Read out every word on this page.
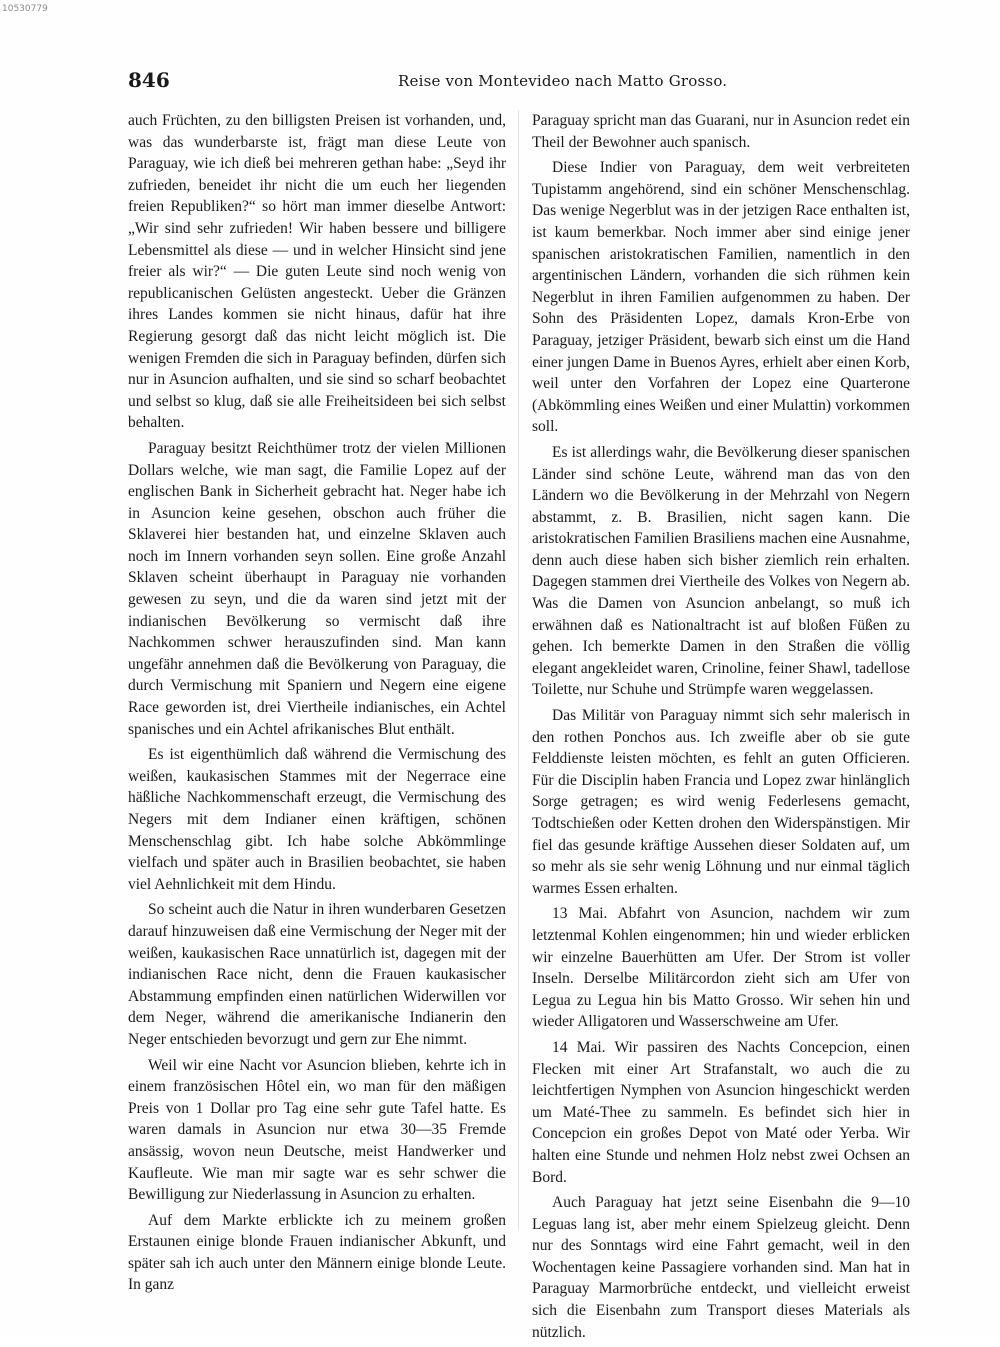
10530779
846	Reise von Montevideo nach Matto Grosso.

auch Früchten, zu den billigsten Preisen ist vorhanden, und, was das wunderbarste ist, frägt man diese Leute von Paraguay, wie ich dieß bei mehreren gethan habe: „Seyd ihr zufrieden, beneidet ihr nicht die um euch her liegenden freien Republiken?“ so hört man immer dieselbe Antwort: „Wir sind sehr zufrieden! Wir haben bessere und billigere Lebensmittel als diese — und in welcher Hinsicht sind jene freier als wir?“ — Die guten Leute sind noch wenig von republicanischen Gelüsten angesteckt. Ueber die Gränzen ihres Landes kommen sie nicht hinaus, dafür hat ihre Regierung gesorgt daß das nicht leicht möglich ist. Die wenigen Fremden die sich in Paraguay befinden, dürfen sich nur in Asuncion aufhalten, und sie sind so scharf beobachtet und selbst so klug, daß sie alle Freiheitsideen bei sich selbst behalten.

Paraguay besitzt Reichthümer trotz der vielen Millionen Dollars welche, wie man sagt, die Familie Lopez auf der englischen Bank in Sicherheit gebracht hat. Neger habe ich in Asuncion keine gesehen, obschon auch früher die Sklaverei hier bestanden hat, und einzelne Sklaven auch noch im Innern vorhanden seyn sollen. Eine große Anzahl Sklaven scheint überhaupt in Paraguay nie vorhanden gewesen zu seyn, und die da waren sind jetzt mit der indianischen Bevölkerung so vermischt daß ihre Nachkommen schwer herauszufinden sind. Man kann ungefähr annehmen daß die Bevölkerung von Paraguay, die durch Vermischung mit Spaniern und Negern eine eigene Race geworden ist, drei Viertheile indianisches, ein Achtel spanisches und ein Achtel afrikanisches Blut enthält.

Es ist eigenthümlich daß während die Vermischung des weißen, kaukasischen Stammes mit der Negerrace eine häßliche Nachkommenschaft erzeugt, die Vermischung des Negers mit dem Indianer einen kräftigen, schönen Menschenschlag gibt. Ich habe solche Abkömmlinge vielfach und später auch in Brasilien beobachtet, sie haben viel Aehnlichkeit mit dem Hindu.

So scheint auch die Natur in ihren wunderbaren Gesetzen darauf hinzuweisen daß eine Vermischung der Neger mit der weißen, kaukasischen Race unnatürlich ist, dagegen mit der indianischen Race nicht, denn die Frauen kaukasischer Abstammung empfinden einen natürlichen Widerwillen vor dem Neger, während die amerikanische Indianerin den Neger entschieden bevorzugt und gern zur Ehe nimmt.

Weil wir eine Nacht vor Asuncion blieben, kehrte ich in einem französischen Hôtel ein, wo man für den mäßigen Preis von 1 Dollar pro Tag eine sehr gute Tafel hatte. Es waren damals in Asuncion nur etwa 30—35 Fremde ansässig, wovon neun Deutsche, meist Handwerker und Kaufleute. Wie man mir sagte war es sehr schwer die Bewilligung zur Niederlassung in Asuncion zu erhalten.

Auf dem Markte erblickte ich zu meinem großen Erstaunen einige blonde Frauen indianischer Abkunft, und später sah ich auch unter den Männern einige blonde Leute. In ganz

Paraguay spricht man das Guarani, nur in Asuncion redet ein Theil der Bewohner auch spanisch.

Diese Indier von Paraguay, dem weit verbreiteten Tupistamm angehörend, sind ein schöner Menschenschlag. Das wenige Negerblut was in der jetzigen Race enthalten ist, ist kaum bemerkbar. Noch immer aber sind einige jener spanischen aristokratischen Familien, namentlich in den argentinischen Ländern, vorhanden die sich rühmen kein Negerblut in ihren Familien aufgenommen zu haben. Der Sohn des Präsidenten Lopez, damals Kron-Erbe von Paraguay, jetziger Präsident, bewarb sich einst um die Hand einer jungen Dame in Buenos Ayres, erhielt aber einen Korb, weil unter den Vorfahren der Lopez eine Quarterone (Abkömmling eines Weißen und einer Mulattin) vorkommen soll.

Es ist allerdings wahr, die Bevölkerung dieser spanischen Länder sind schöne Leute, während man das von den Ländern wo die Bevölkerung in der Mehrzahl von Negern abstammt, z. B. Brasilien, nicht sagen kann. Die aristokratischen Familien Brasiliens machen eine Ausnahme, denn auch diese haben sich bisher ziemlich rein erhalten. Dagegen stammen drei Viertheile des Volkes von Negern ab. Was die Damen von Asuncion anbelangt, so muß ich erwähnen daß es Nationaltracht ist auf bloßen Füßen zu gehen. Ich bemerkte Damen in den Straßen die völlig elegant angekleidet waren, Crinoline, feiner Shawl, tadellose Toilette, nur Schuhe und Strümpfe waren weggelassen.

Das Militär von Paraguay nimmt sich sehr malerisch in den rothen Ponchos aus. Ich zweifle aber ob sie gute Felddienste leisten möchten, es fehlt an guten Officieren. Für die Disciplin haben Francia und Lopez zwar hinlänglich Sorge getragen; es wird wenig Federlesens gemacht, Todtschießen oder Ketten drohen den Widerspänstigen. Mir fiel das gesunde kräftige Aussehen dieser Soldaten auf, um so mehr als sie sehr wenig Löhnung und nur einmal täglich warmes Essen erhalten.

13 Mai. Abfahrt von Asuncion, nachdem wir zum letztenmal Kohlen eingenommen; hin und wieder erblicken wir einzelne Bauerhütten am Ufer. Der Strom ist voller Inseln. Derselbe Militärcordon zieht sich am Ufer von Legua zu Legua hin bis Matto Grosso. Wir sehen hin und wieder Alligatoren und Wasserschweine am Ufer.

14 Mai. Wir passiren des Nachts Concepcion, einen Flecken mit einer Art Strafanstalt, wo auch die zu leichtfertigen Nymphen von Asuncion hingeschickt werden um Maté-Thee zu sammeln. Es befindet sich hier in Concepcion ein großes Depot von Maté oder Yerba. Wir halten eine Stunde und nehmen Holz nebst zwei Ochsen an Bord.

Auch Paraguay hat jetzt seine Eisenbahn die 9—10 Leguas lang ist, aber mehr einem Spielzeug gleicht. Denn nur des Sonntags wird eine Fahrt gemacht, weil in den Wochentagen keine Passagiere vorhanden sind. Man hat in Paraguay Marmorbrüche entdeckt, und vielleicht erweist sich die Eisenbahn zum Transport dieses Materials als nützlich.
